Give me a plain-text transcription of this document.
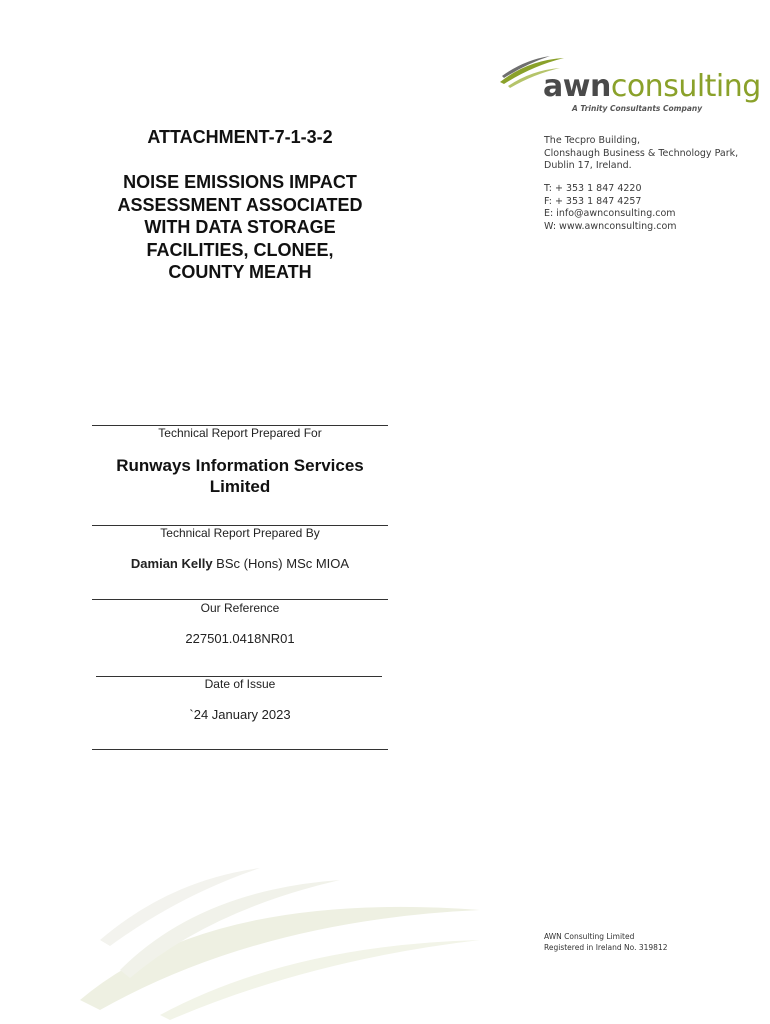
awnconsulting
A Trinity Consultants Company
The Tecpro Building,
Clonshaugh Business & Technology Park,
Dublin 17, Ireland.
T: + 353 1 847 4220
F: + 353 1 847 4257
E: info@awnconsulting.com
W: www.awnconsulting.com
ATTACHMENT-7-1-3-2
NOISE EMISSIONS IMPACT
ASSESSMENT ASSOCIATED
WITH DATA STORAGE
FACILITIES, CLONEE,
COUNTY MEATH
Technical Report Prepared For
Runways Information Services
Limited
Technical Report Prepared By
Damian Kelly BSc (Hons) MSc MIOA
Our Reference
227501.0418NR01
Date of Issue
`24 January 2023
AWN Consulting Limited
Registered in Ireland No. 319812
